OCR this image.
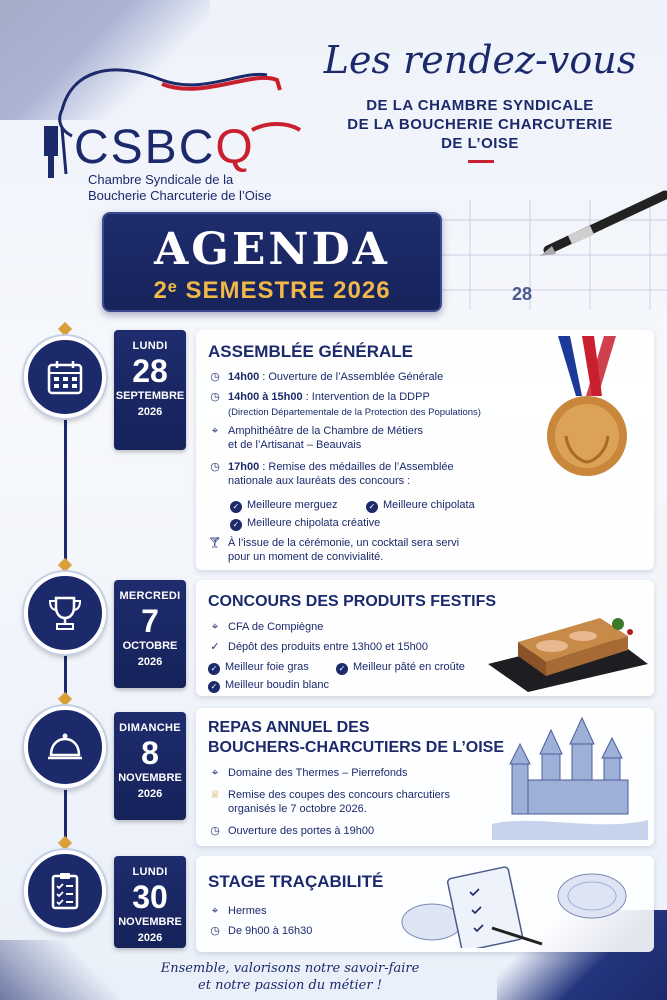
CSBCQ
Chambre Syndicale de la
Boucherie Charcuterie de l’Oise
Les rendez-vous
DE LA CHAMBRE SYNDICALE
DE LA BOUCHERIE CHARCUTERIE
DE L’OISE
28
AGENDA
2ᵉ SEMESTRE 2026
LUNDI
28
SEPTEMBRE
2026
ASSEMBLÉE GÉNÉRALE
◷ 14h00 : Ouverture de l’Assemblée Générale
◷ 14h00 à 15h00 : Intervention de la DDPP
(Direction Départementale de la Protection des Populations)
⌖ Amphithéâtre de la Chambre de Métiers
et de l’Artisanat – Beauvais
◷ 17h00 : Remise des médailles de l’Assemblée
nationale aux lauréats des concours :
✓ Meilleure merguez	✓ Meilleure chipolata
✓ Meilleure chipolata créative
🍸︎ À l’issue de la cérémonie, un cocktail sera servi
pour un moment de convivialité.
MERCREDI
7
OCTOBRE
2026
CONCOURS DES PRODUITS FESTIFS
⌖ CFA de Compiègne
✓ Dépôt des produits entre 13h00 et 15h00
✓ Meilleur foie gras	✓ Meilleur pâté en croûte
✓ Meilleur boudin blanc
DIMANCHE
8
NOVEMBRE
2026
REPAS ANNUEL DES
BOUCHERS-CHARCUTIERS DE L’OISE
⌖ Domaine des Thermes – Pierrefonds
♕ Remise des coupes des concours charcutiers
organisés le 7 octobre 2026.
◷ Ouverture des portes à 19h00
LUNDI
30
NOVEMBRE
2026
STAGE TRAÇABILITÉ
⌖ Hermes
◷ De 9h00 à 16h30
Ensemble, valorisons notre savoir-faire
et notre passion du métier !
